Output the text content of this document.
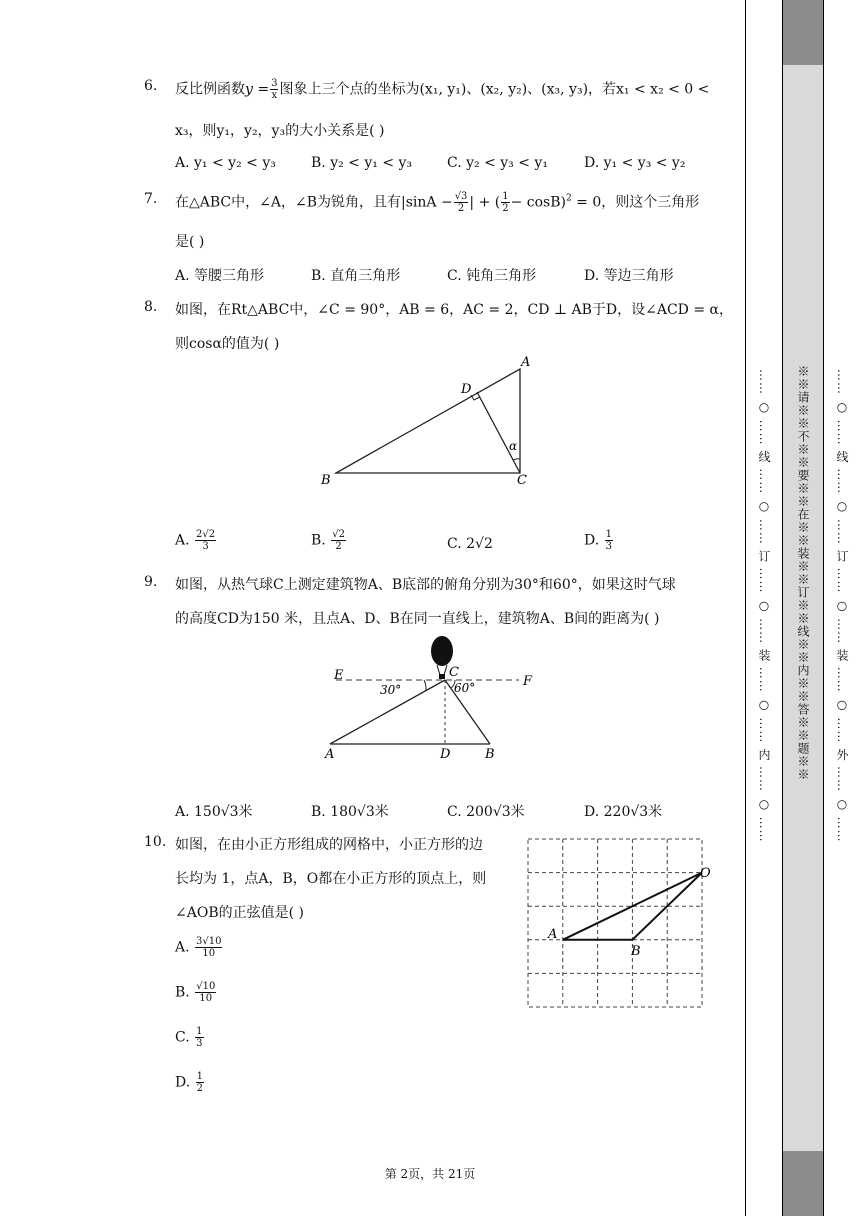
6. 反比例函数$y = \frac{3}{x}$ 图象上三个点的坐标为(x₁, y₁)、(x₂, y₂)、(x₃, y₃)，若x₁ < x₂ < 0 <
x₃，则y₁，y₂，y₃的大小关系是( )
A. y₁ < y₂ < y₃	B. y₂ < y₁ < y₃ C. y₂ < y₃ < y₁	D. y₁ < y₃ < y₂
7. 在△ABC中，∠A，∠B为锐角，且有$|\sin A - \frac{√3}{2}$ | + ( $\frac{1}{2} - \cos B)^2 = 0$，则这个三角形
是( )
A. 等腰三角形	B. 直角三角形	C. 钝角三角形	D. 等边三角形
8. 如图，在Rt△ABC中，∠C = 90°，AB = 6，AC = 2，CD ⊥ AB于D，设∠ACD = α，
则cosα的值为( )
B	C
A
D
α
A. $\frac{2√2}{3}$	B. $\frac{√2}{2}$	C. 2√2	D. $\frac{1}{3}$
9. 如图，从热气球C上测定建筑物A、B底部的俯角分别为30°和60°，如果这时气球
的高度CD为150 米，且点A、D、B在同一直线上，建筑物A、B间的距离为( )
E	F
C
A	D	B
30°	60°
A. 150√3米	B. 180√3米	C. 200√3米	D. 220√3米
10. 如图，在由小正方形组成的网格中，小正方形的边
长均为 1，点A，B，O都在小正方形的顶点上，则
∠AOB的正弦值是( )
A. $\frac{3√10}{10}$
B. $\frac{√10}{10}$
C. $\frac{1}{3}$
D. $\frac{1}{2}$
A
B
O
第 2页，共 21页
…… ○ …… 线 …… ○ …… 订 …… ○ …… 装 …… ○ …… 内 …… ○ …… ※※请※※不※※要※※在※※装※※订※※线※※内※※答※※题※※ …… ○ …… 线 …… ○ …… 订 …… ○ …… 装 …… ○ …… 外 …… ○ ……
